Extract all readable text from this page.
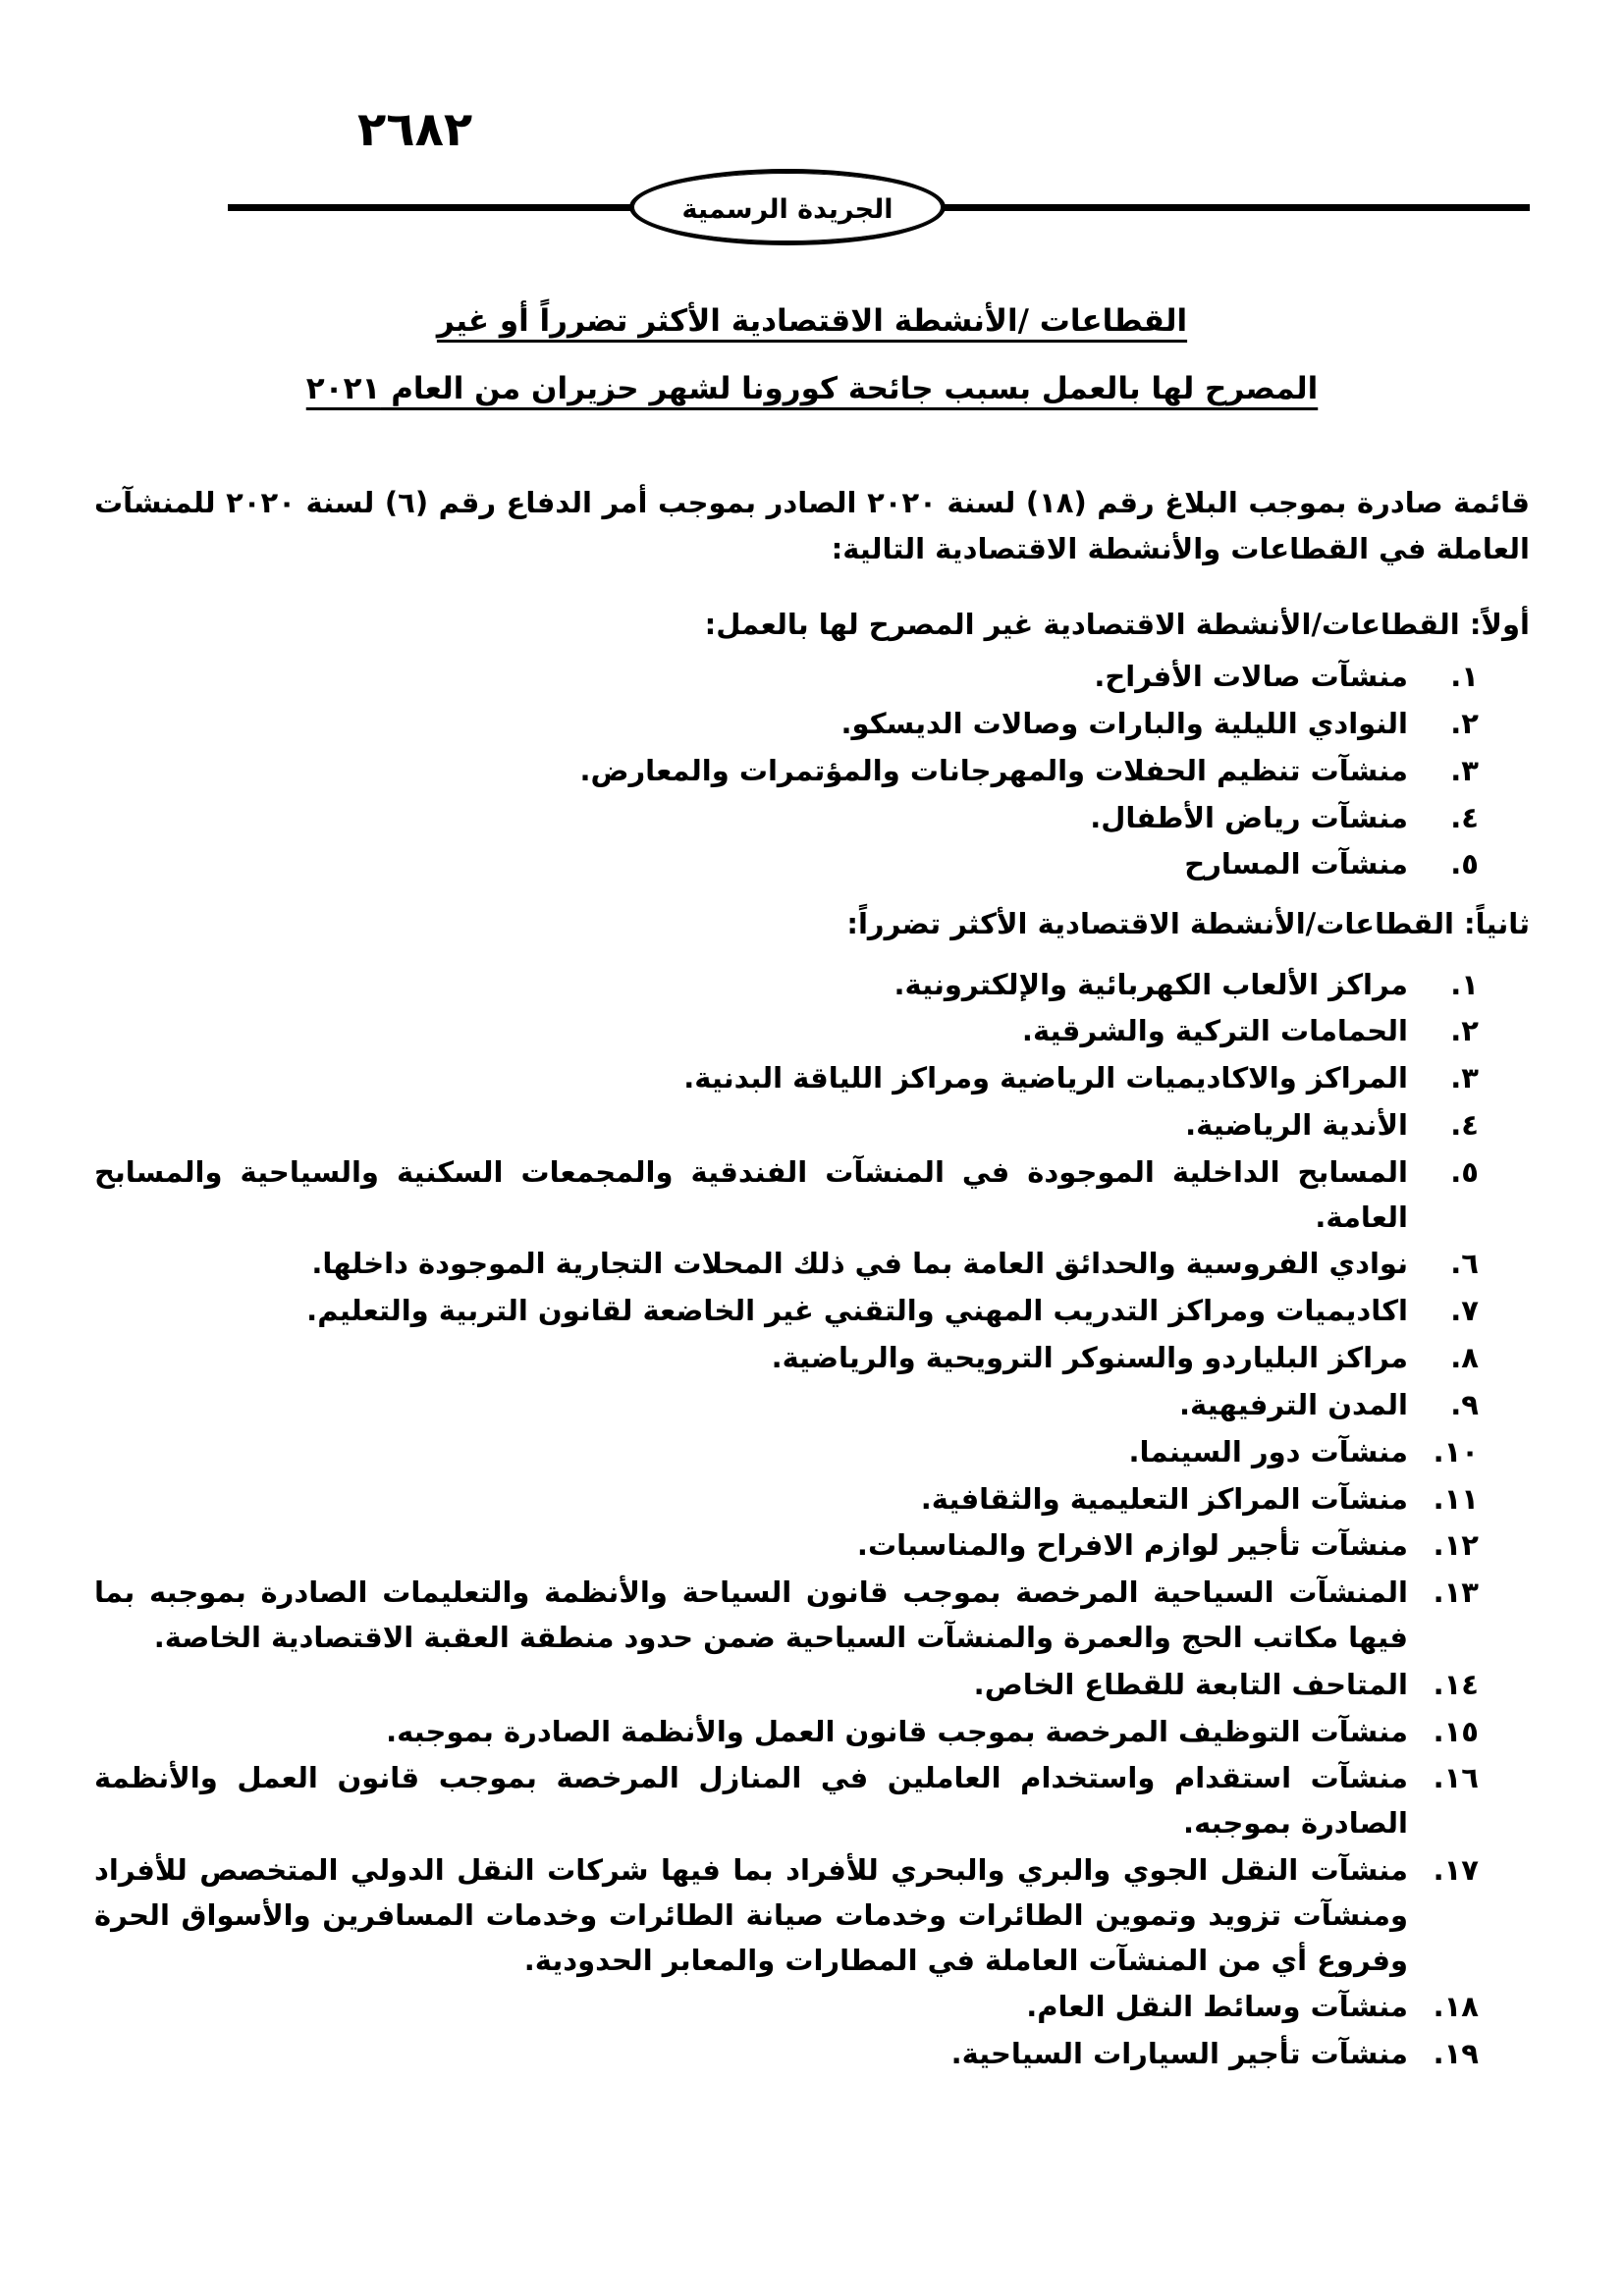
٢٦٨٢
الجريدة الرسمية
القطاعات /الأنشطة الاقتصادية الأكثر تضرراً أو غير
المصرح لها بالعمل بسبب جائحة كورونا لشهر حزيران من العام ٢٠٢١

قائمة صادرة بموجب البلاغ رقم (١٨) لسنة ٢٠٢٠ الصادر بموجب أمر الدفاع رقم (٦) لسنة ٢٠٢٠ للمنشآت العاملة في القطاعات والأنشطة الاقتصادية التالية:

أولاً: القطاعات/الأنشطة الاقتصادية غير المصرح لها بالعمل:
١.
منشآت صالات الأفراح.
٢.
النوادي الليلية والبارات وصالات الديسكو.
٣.
منشآت تنظيم الحفلات والمهرجانات والمؤتمرات والمعارض.
٤.
منشآت رياض الأطفال.
٥.
منشآت المسارح
ثانياً: القطاعات/الأنشطة الاقتصادية الأكثر تضرراً:
١.
مراكز الألعاب الكهربائية والإلكترونية.
٢.
الحمامات التركية والشرقية.
٣.
المراكز والاكاديميات الرياضية ومراكز اللياقة البدنية.
٤.
الأندية الرياضية.
٥.
المسابح الداخلية الموجودة في المنشآت الفندقية والمجمعات السكنية والسياحية والمسابح العامة.
٦.
نوادي الفروسية والحدائق العامة بما في ذلك المحلات التجارية الموجودة داخلها.
٧.
اكاديميات ومراكز التدريب المهني والتقني غير الخاضعة لقانون التربية والتعليم.
٨.
مراكز البلياردو والسنوكر الترويحية والرياضية.
٩.
المدن الترفيهية.
١٠.
منشآت دور السينما.
١١.
منشآت المراكز التعليمية والثقافية.
١٢.
منشآت تأجير لوازم الافراح والمناسبات.
١٣.
المنشآت السياحية المرخصة بموجب قانون السياحة والأنظمة والتعليمات الصادرة بموجبه بما فيها مكاتب الحج والعمرة والمنشآت السياحية ضمن حدود منطقة العقبة الاقتصادية الخاصة.
١٤.
المتاحف التابعة للقطاع الخاص.
١٥.
منشآت التوظيف المرخصة بموجب قانون العمل والأنظمة الصادرة بموجبه.
١٦.
منشآت استقدام واستخدام العاملين في المنازل المرخصة بموجب قانون العمل والأنظمة الصادرة بموجبه.
١٧.
منشآت النقل الجوي والبري والبحري للأفراد بما فيها شركات النقل الدولي المتخصص للأفراد ومنشآت تزويد وتموين الطائرات وخدمات صيانة الطائرات وخدمات المسافرين والأسواق الحرة وفروع أي من المنشآت العاملة في المطارات والمعابر الحدودية.
١٨.
منشآت وسائط النقل العام.
١٩.
منشآت تأجير السيارات السياحية.
